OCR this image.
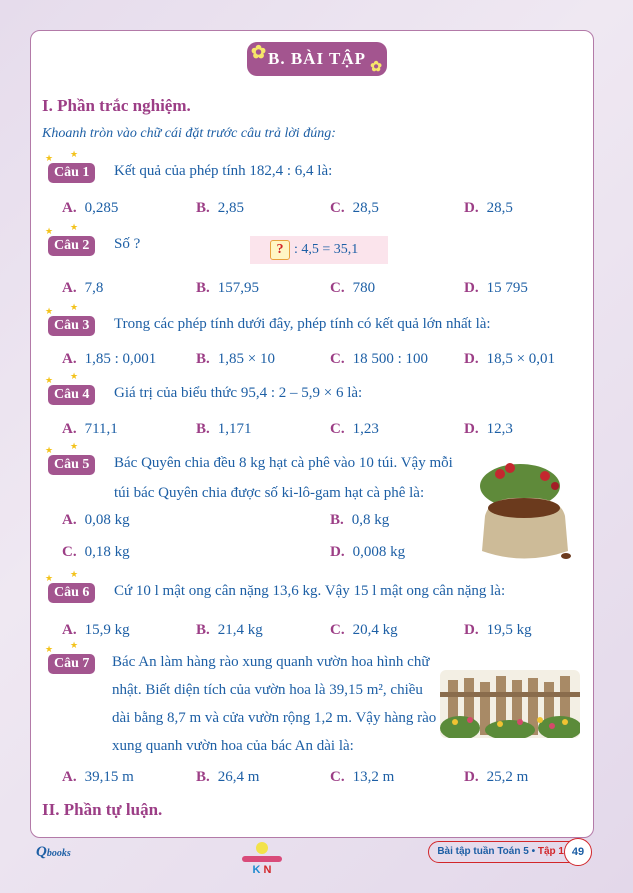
✿ B. BÀI TẬP ✿
I. Phần trắc nghiệm.
Khoanh tròn vào chữ cái đặt trước câu trả lời đúng:
★ ★
Câu 1	Kết quả của phép tính 182,4 : 6,4 là:
A. 0,285	B. 2,85	C. 28,5	D. 28,5
★ ★
Câu 2	Số ?
A. 7,8	B. 157,95	C. 780	D. 15 795
★ ★
Câu 3	Trong các phép tính dưới đây, phép tính có kết quả lớn nhất là:
A. 1,85 : 0,001	B. 1,85 × 10	C. 18 500 : 100 D. 18,5 × 0,01
★ ★
Câu 4	Giá trị của biểu thức 95,4 : 2 – 5,9 × 6 là:
A. 711,1	B. 1,171	C. 1,23	D. 12,3
★ ★
Câu 5	Bác Quyên chia đều 8 kg hạt cà phê vào 10 túi. Vậy mỗi
túi bác Quyên chia được số ki-lô-gam hạt cà phê là:
A. 0,08 kg	B. 0,8 kg
C. 0,18 kg	D. 0,008 kg
★ ★
Câu 6	Cứ 10 l mật ong cân nặng 13,6 kg. Vậy 15 l mật ong cân nặng là:
A. 15,9 kg	B. 21,4 kg	C. 20,4 kg	D. 19,5 kg
★ ★
Câu 7	Bác An làm hàng rào xung quanh vườn hoa hình chữ
nhật. Biết diện tích của vườn hoa là 39,15 m², chiều
dài bằng 8,7 m và cửa vườn rộng 1,2 m. Vậy hàng rào
xung quanh vườn hoa của bác An dài là:
A. 39,15 m	B. 26,4 m	C. 13,2 m	D. 25,2 m
? : 4,5 = 35,1
II. Phần tự luận.
Qbooks
K N
Bài tập tuần Toán 5 • Tập 1 49
